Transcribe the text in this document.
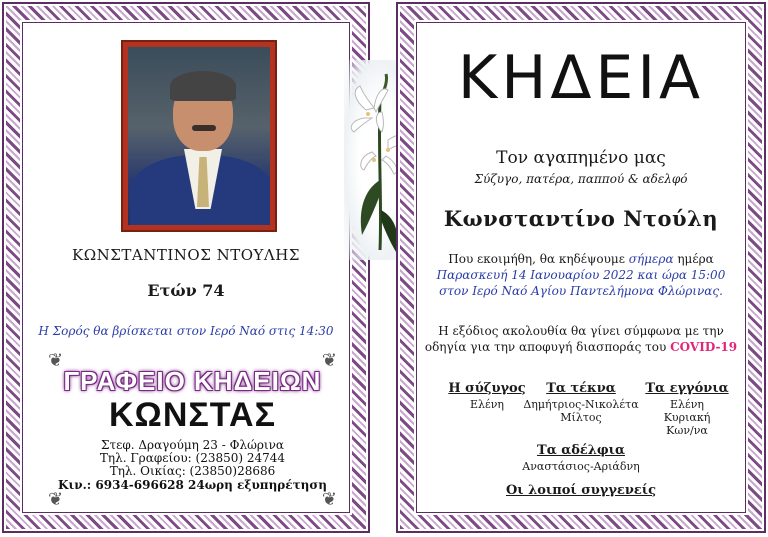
ΚΩΝΣΤΑΝΤΙΝΟΣ ΝΤΟΥΛΗΣ
Ετών 74
Η Σορός θα βρίσκεται στον Ιερό Ναό στις 14:30
❦	❦
❦	❦
ΓΡΑΦΕΙΟ ΚΗΔΕΙΩΝ
ΚΩΝΣΤΑΣ
Στεφ. Δραγούμη 23 - Φλώρινα
Τηλ. Γραφείου: (23850) 24744
Τηλ. Οικίας: (23850)28686
Κιν.: 6934-696628 24ωρη εξυπηρέτηση
ΚΗΔΕΙΑ
Τον αγαπημένο μας
Σύζυγο, πατέρα, παππού & αδελφό
Κωνσταντίνο Ντούλη
Που εκοιμήθη, θα κηδέψουμε σήμερα ημέρα
Παρασκευή 14 Ιανουαρίου 2022 και ώρα 15:00
στον Ιερό Ναό Αγίου Παντελήμονα Φλώρινας.
Η εξόδιος ακολουθία θα γίνει σύμφωνα με την
οδηγία για την αποφυγή διασποράς του COVID-19
Η σύζυγος
Ελένη
Τα τέκνα
Δημήτριος-Νικολέτα
Μίλτος
Τα εγγόνια
Ελένη
Κυριακή
Κων/να
Τα αδέλφια
Αναστάσιος-Αριάδνη
Οι λοιποί συγγενείς
